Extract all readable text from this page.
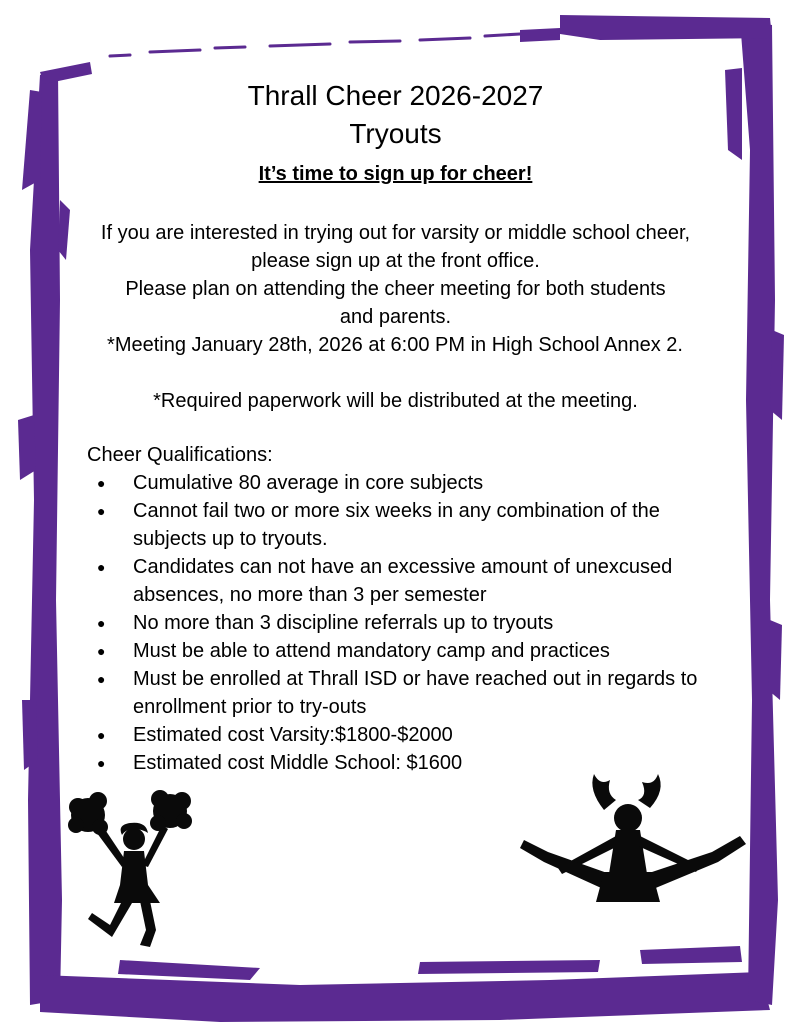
Thrall Cheer 2026-2027
Tryouts
It’s time to sign up for cheer!
If you are interested in trying out for varsity or middle school cheer, please sign up at the front office.
Please plan on attending the cheer meeting for both students and parents.
*Meeting January 28th, 2026 at 6:00 PM in High School Annex 2.
*Required paperwork will be distributed at the meeting.
Cheer Qualifications:
● Cumulative 80 average in core subjects
● Cannot fail two or more six weeks in any combination of the subjects up to tryouts.
● Candidates can not have an excessive amount of unexcused absences, no more than 3 per semester
● No more than 3 discipline referrals up to tryouts
● Must be able to attend mandatory camp and practices
● Must be enrolled at Thrall ISD or have reached out in regards to enrollment prior to try-outs
● Estimated cost Varsity:$1800-$2000
● Estimated cost Middle School: $1600
